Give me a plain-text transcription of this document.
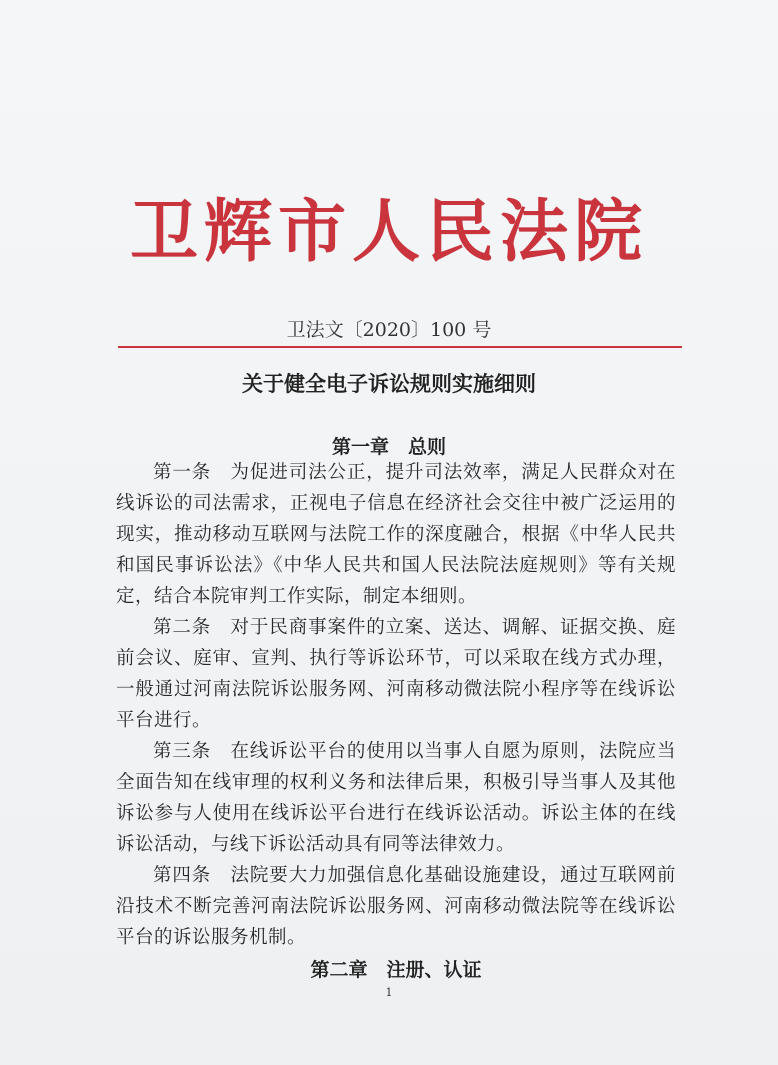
卫辉市人民法院
卫法文〔2020〕100 号
关于健全电子诉讼规则实施细则
第一章　总则

第一条　为促进司法公正，提升司法效率，满足人民群众对在线诉讼的司法需求，正视电子信息在经济社会交往中被广泛运用的现实，推动移动互联网与法院工作的深度融合，根据《中华人民共和国民事诉讼法》《中华人民共和国人民法院法庭规则》等有关规定，结合本院审判工作实际，制定本细则。

第二条　对于民商事案件的立案、送达、调解、证据交换、庭前会议、庭审、宣判、执行等诉讼环节，可以采取在线方式办理，一般通过河南法院诉讼服务网、河南移动微法院小程序等在线诉讼平台进行。

第三条　在线诉讼平台的使用以当事人自愿为原则，法院应当全面告知在线审理的权利义务和法律后果，积极引导当事人及其他诉讼参与人使用在线诉讼平台进行在线诉讼活动。诉讼主体的在线诉讼活动，与线下诉讼活动具有同等法律效力。

第四条　法院要大力加强信息化基础设施建设，通过互联网前沿技术不断完善河南法院诉讼服务网、河南移动微法院等在线诉讼平台的诉讼服务机制。

第二章　注册、认证
1
